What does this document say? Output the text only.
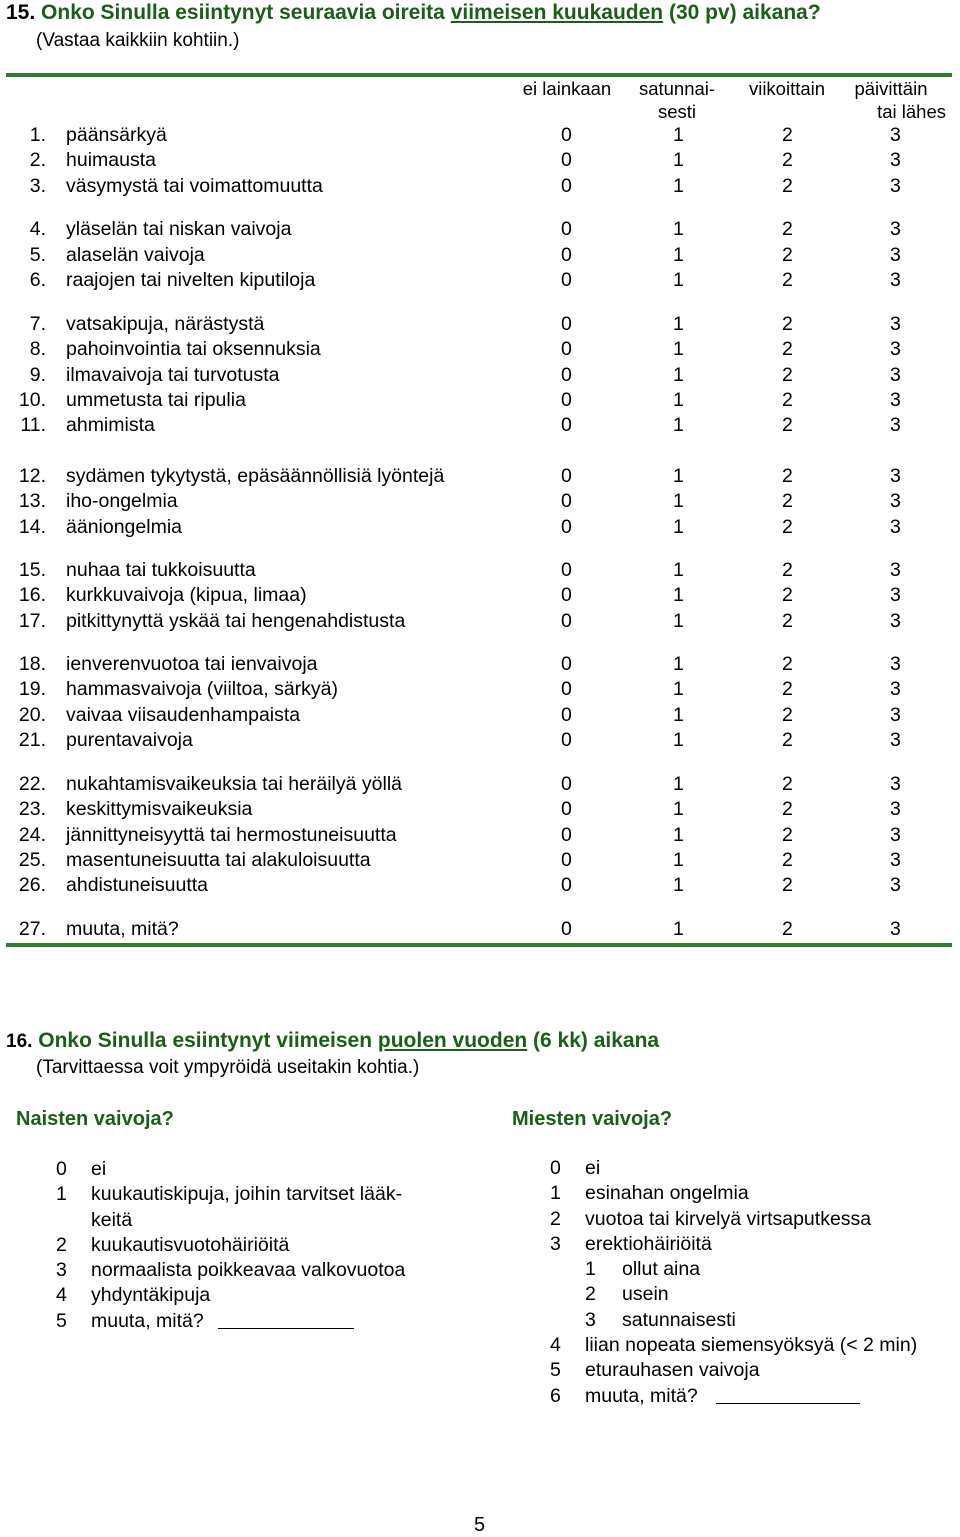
15. Onko Sinulla esiintynyt seuraavia oireita viimeisen kuukauden (30 pv) aikana?
(Vastaa kaikkiin kohtiin.)
ei lainkaan	satunnai-
sesti
viikoittain	päivittäin
tai lähes
1. päänsärkyä	0	1	2	3
2. huimausta	0	1	2	3
3. väsymystä tai voimattomuutta	0	1	2	3
4. yläselän tai niskan vaivoja	0	1	2	3
5. alaselän vaivoja	0	1	2	3
6. raajojen tai nivelten kiputiloja	0	1	2	3
7. vatsakipuja, närästystä	0	1	2	3
8. pahoinvointia tai oksennuksia	0	1	2	3
9. ilmavaivoja tai turvotusta	0	1	2	3
10. ummetusta tai ripulia	0	1	2	3
11. ahmimista	0	1	2	3
12. sydämen tykytystä, epäsäännöllisiä lyöntejä	0	1	2	3
13. iho-ongelmia	0	1	2	3
14. ääniongelmia	0	1	2	3
15. nuhaa tai tukkoisuutta	0	1	2	3
16. kurkkuvaivoja (kipua, limaa)	0	1	2	3
17. pitkittynyttä yskää tai hengenahdistusta	0	1	2	3
18. ienverenvuotoa tai ienvaivoja	0	1	2	3
19. hammasvaivoja (viiltoa, särkyä)	0	1	2	3
20. vaivaa viisaudenhampaista	0	1	2	3
21. purentavaivoja	0	1	2	3
22. nukahtamisvaikeuksia tai heräilyä yöllä	0	1	2	3
23. keskittymisvaikeuksia	0	1	2	3
24. jännittyneisyyttä tai hermostuneisuutta	0	1	2	3
25. masentuneisuutta tai alakuloisuutta	0	1	2	3
26. ahdistuneisuutta	0	1	2	3
27. muuta, mitä?	0	1	2	3
16. Onko Sinulla esiintynyt viimeisen puolen vuoden (6 kk) aikana
(Tarvittaessa voit ympyröidä useitakin kohtia.)
Naisten vaivoja?	Miesten vaivoja?
0 ei
1 kuukautiskipuja, joihin tarvitset lääk-
keitä
2 kuukautisvuotohäiriöitä
3 normaalista poikkeavaa valkovuotoa
4 yhdyntäkipuja
5 muuta, mitä?
0 ei
1 esinahan ongelmia
2 vuotoa tai kirvelyä virtsaputkessa
3 erektiohäiriöitä
1 ollut aina
2 usein
3 satunnaisesti
4 liian nopeata siemensyöksyä (< 2 min)
5 eturauhasen vaivoja
6 muuta, mitä?
5
